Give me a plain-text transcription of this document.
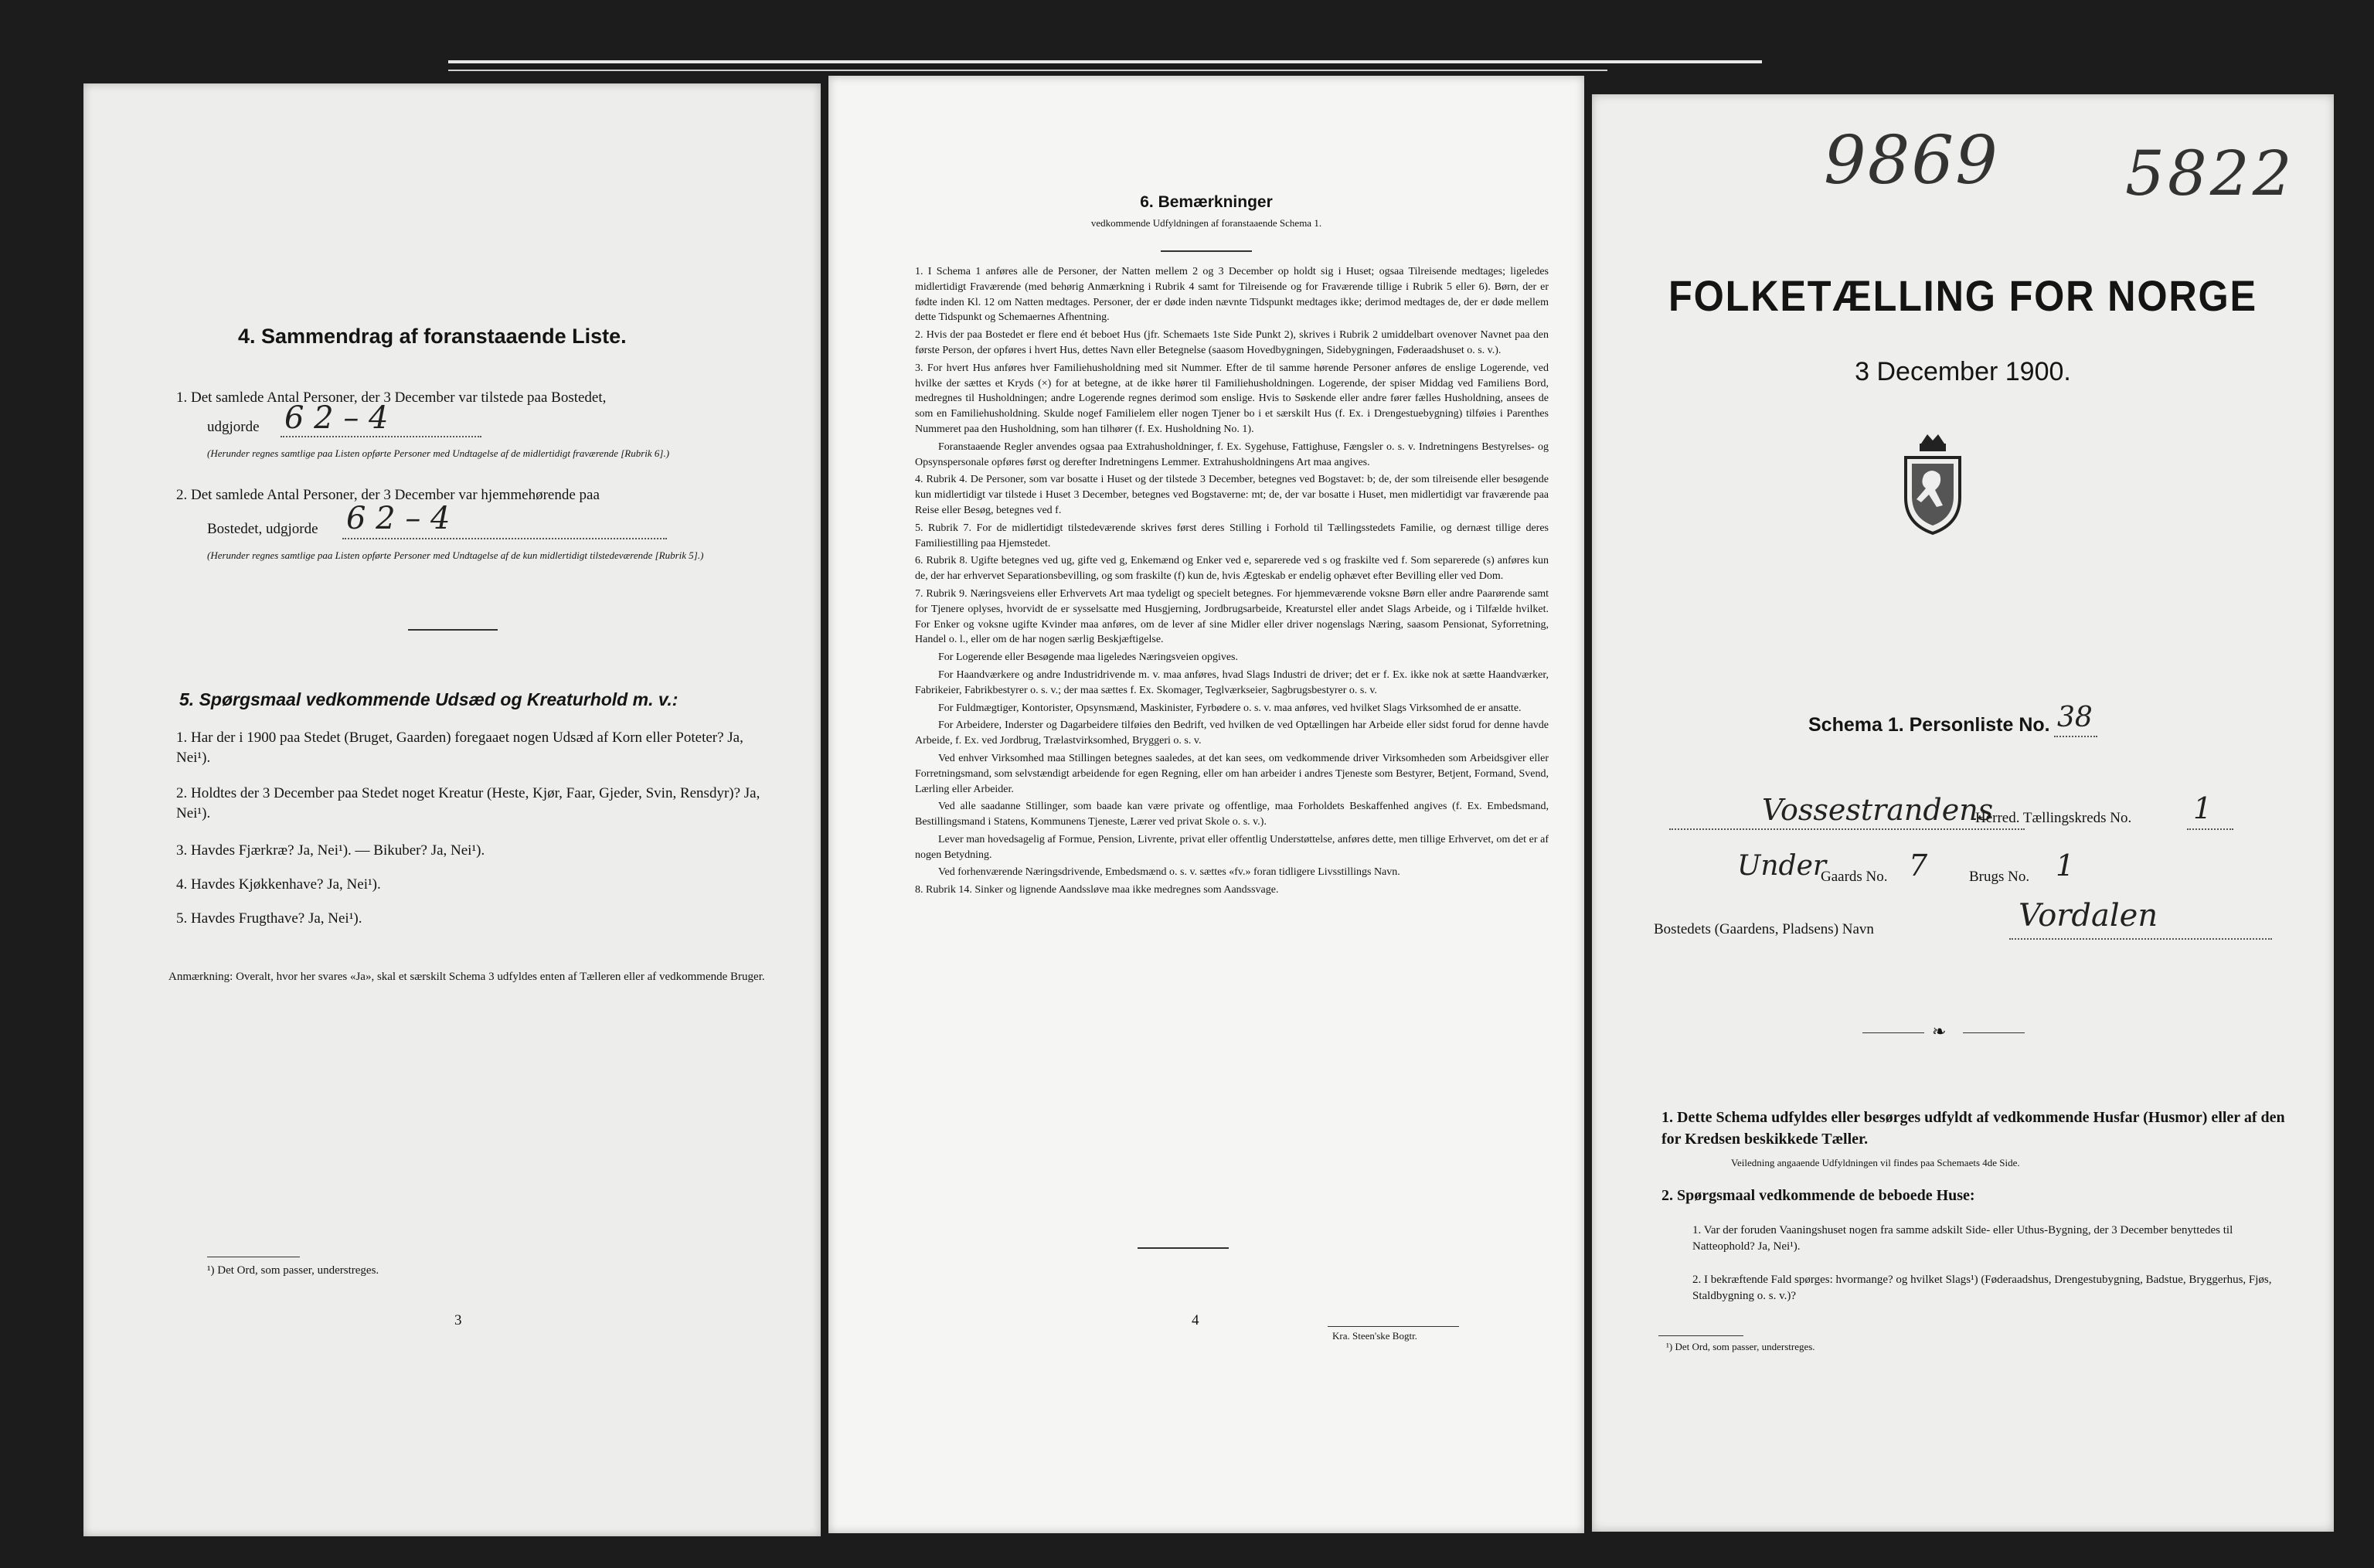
4. Sammendrag af foranstaaende Liste.
1. Det samlede Antal Personer, der 3 December var tilstede paa Bostedet,
udgjorde 6 2 – 4
(Herunder regnes samtlige paa Listen opførte Personer med Undtagelse af de midlertidigt fraværende [Rubrik 6].)
2. Det samlede Antal Personer, der 3 December var hjemmehørende paa
Bostedet, udgjorde 6 2 – 4
(Herunder regnes samtlige paa Listen opførte Personer med Undtagelse af de kun midlertidigt tilstedeværende [Rubrik 5].)
5. Spørgsmaal vedkommende Udsæd og Kreaturhold m. v.:
1. Har der i 1900 paa Stedet (Bruget, Gaarden) foregaaet nogen Udsæd af Korn eller Poteter? Ja, Nei¹).
2. Holdtes der 3 December paa Stedet noget Kreatur (Heste, Kjør, Faar, Gjeder, Svin, Rensdyr)? Ja, Nei¹).
3. Havdes Fjærkræ? Ja, Nei¹). — Bikuber? Ja, Nei¹).
4. Havdes Kjøkkenhave? Ja, Nei¹).
5. Havdes Frugthave? Ja, Nei¹).
Anmærkning: Overalt, hvor her svares «Ja», skal et særskilt Schema 3 udfyldes enten af Tælleren eller af vedkommende Bruger.
¹) Det Ord, som passer, understreges.
3
6. Bemærkninger
vedkommende Udfyldningen af foranstaaende Schema 1.
1. I Schema 1 anføres alle de Personer, der Natten mellem 2 og 3 December op holdt sig i Huset; ogsaa Tilreisende medtages; ligeledes midlertidigt Fraværende (med behørig Anmærkning i Rubrik 4 samt for Tilreisende og for Fraværende tillige i Rubrik 5 eller 6). Børn, der er fødte inden Kl. 12 om Natten medtages. Personer, der er døde inden nævnte Tidspunkt medtages ikke; derimod medtages de, der er døde mellem dette Tidspunkt og Schemaernes Afhentning.
2. Hvis der paa Bostedet er flere end ét beboet Hus (jfr. Schemaets 1ste Side Punkt 2), skrives i Rubrik 2 umiddelbart ovenover Navnet paa den første Person, der opføres i hvert Hus, dettes Navn eller Betegnelse (saasom Hovedbygningen, Sidebygningen, Føderaadshuset o. s. v.).
3. For hvert Hus anføres hver Familiehusholdning med sit Nummer. Efter de til samme hørende Personer anføres de enslige Logerende, ved hvilke der sættes et Kryds (×) for at betegne, at de ikke hører til Familiehusholdningen. Logerende, der spiser Middag ved Familiens Bord, medregnes til Husholdningen; andre Logerende regnes derimod som enslige. Hvis to Søskende eller andre fører fælles Husholdning, ansees de som en Familiehusholdning. Skulde nogef Familielem eller nogen Tjener bo i et særskilt Hus (f. Ex. i Drengestuebygning) tilføies i Parenthes Nummeret paa den Husholdning, som han tilhører (f. Ex. Husholdning No. 1).
Foranstaaende Regler anvendes ogsaa paa Extrahusholdninger, f. Ex. Sygehuse, Fattighuse, Fængsler o. s. v. Indretningens Bestyrelses- og Opsynspersonale opføres først og derefter Indretningens Lemmer. Extrahusholdningens Art maa angives.
4. Rubrik 4. De Personer, som var bosatte i Huset og der tilstede 3 December, betegnes ved Bogstavet: b; de, der som tilreisende eller besøgende kun midlertidigt var tilstede i Huset 3 December, betegnes ved Bogstaverne: mt; de, der var bosatte i Huset, men midlertidigt var fraværende paa Reise eller Besøg, betegnes ved f.
5. Rubrik 7. For de midlertidigt tilstedeværende skrives først deres Stilling i Forhold til Tællingsstedets Familie, og dernæst tillige deres Familiestilling paa Hjemstedet.
6. Rubrik 8. Ugifte betegnes ved ug, gifte ved g, Enkemænd og Enker ved e, separerede ved s og fraskilte ved f. Som separerede (s) anføres kun de, der har erhvervet Separationsbevilling, og som fraskilte (f) kun de, hvis Ægteskab er endelig ophævet efter Bevilling eller ved Dom.
7. Rubrik 9. Næringsveiens eller Erhvervets Art maa tydeligt og specielt betegnes. For hjemmeværende voksne Børn eller andre Paarørende samt for Tjenere oplyses, hvorvidt de er sysselsatte med Husgjerning, Jordbrugsarbeide, Kreaturstel eller andet Slags Arbeide, og i Tilfælde hvilket. For Enker og voksne ugifte Kvinder maa anføres, om de lever af sine Midler eller driver nogenslags Næring, saasom Pensionat, Syforretning, Handel o. l., eller om de har nogen særlig Beskjæftigelse.
For Logerende eller Besøgende maa ligeledes Næringsveien opgives.
For Haandværkere og andre Industridrivende m. v. maa anføres, hvad Slags Industri de driver; det er f. Ex. ikke nok at sætte Haandværker, Fabrikeier, Fabrikbestyrer o. s. v.; der maa sættes f. Ex. Skomager, Teglværkseier, Sagbrugsbestyrer o. s. v.
For Fuldmægtiger, Kontorister, Opsynsmænd, Maskinister, Fyrbødere o. s. v. maa anføres, ved hvilket Slags Virksomhed de er ansatte.
For Arbeidere, Inderster og Dagarbeidere tilføies den Bedrift, ved hvilken de ved Optællingen har Arbeide eller sidst forud for denne havde Arbeide, f. Ex. ved Jordbrug, Trælastvirksomhed, Bryggeri o. s. v.
Ved enhver Virksomhed maa Stillingen betegnes saaledes, at det kan sees, om vedkommende driver Virksomheden som Arbeidsgiver eller Forretningsmand, som selvstændigt arbeidende for egen Regning, eller om han arbeider i andres Tjeneste som Bestyrer, Betjent, Formand, Svend, Lærling eller Arbeider.
Ved alle saadanne Stillinger, som baade kan være private og offentlige, maa Forholdets Beskaffenhed angives (f. Ex. Embedsmand, Bestillingsmand i Statens, Kommunens Tjeneste, Lærer ved privat Skole o. s. v.).
Lever man hovedsagelig af Formue, Pension, Livrente, privat eller offentlig Understøttelse, anføres dette, men tillige Erhvervet, om det er af nogen Betydning.
Ved forhenværende Næringsdrivende, Embedsmænd o. s. v. sættes «fv.» foran tidligere Livsstillings Navn.
8. Rubrik 14. Sinker og lignende Aandssløve maa ikke medregnes som Aandssvage.
4
Kra. Steen'ske Bogtr.
9869 5822
FOLKETÆLLING FOR NORGE
3 December 1900.
Schema 1. Personliste No. 38
Vossestrandens
Herred. Tællingskreds No. 1
Under
Gaards No. 7	Brugs No. 1
Bostedets (Gaardens, Pladsens) Navn	Vordalen
❧
1. Dette Schema udfyldes eller besørges udfyldt af vedkommende Husfar (Husmor) eller af den for Kredsen beskikkede Tæller.
Veiledning angaaende Udfyldningen vil findes paa Schemaets 4de Side.
2. Spørgsmaal vedkommende de beboede Huse:
1. Var der foruden Vaaningshuset nogen fra samme adskilt Side- eller Uthus-Bygning, der 3 December benyttedes til Natteophold? Ja, Nei¹).
2. I bekræftende Fald spørges: hvormange? og hvilket Slags¹) (Føderaadshus, Drengestubygning, Badstue, Bryggerhus, Fjøs, Staldbygning o. s. v.)?
¹) Det Ord, som passer, understreges.
